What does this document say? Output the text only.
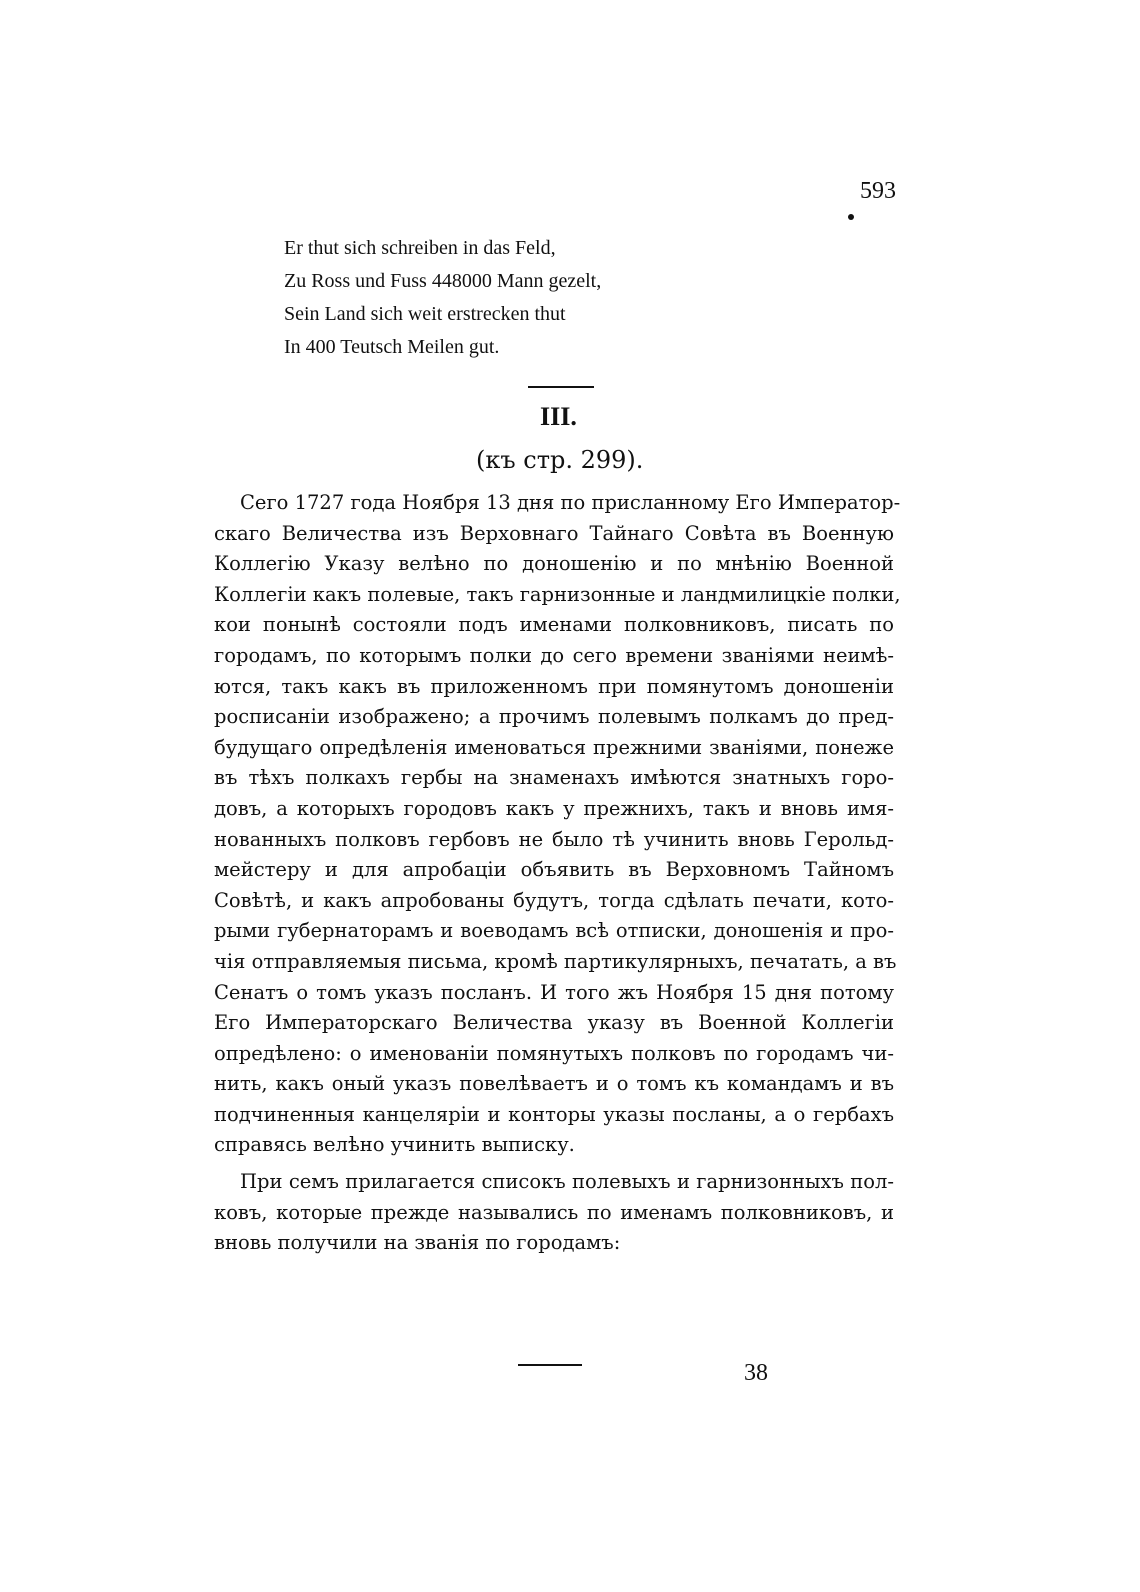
593
Er thut sich schreiben in das Feld,
Zu Ross und Fuss 448000 Mann gezelt,
Sein Land sich weit erstrecken thut
In 400 Teutsch Meilen gut.
III.
(къ стр. 299).
Сего 1727 года Ноября 13 дня по присланному Его Император-
скаго Величества изъ Верховнаго Тайнаго Совѣта въ Военную
Коллегію Указу велѣно по доношенію и по мнѣнію Военной
Коллегіи какъ полевые, такъ гарнизонные и ландмилицкіе полки,
кои понынѣ состояли подъ именами полковниковъ, писать по
городамъ, по которымъ полки до сего времени званіями неимѣ-
ются, такъ какъ въ приложенномъ при помянутомъ доношеніи
росписаніи изображено; а прочимъ полевымъ полкамъ до пред-
будущаго опредѣленія именоваться прежними званіями, понеже
въ тѣхъ полкахъ гербы на знаменахъ имѣются знатныхъ горо-
довъ, а которыхъ городовъ какъ у прежнихъ, такъ и вновь имя-
нованныхъ полковъ гербовъ не было тѣ учинить вновь Герольд-
мейстеру и для апробаціи объявить въ Верховномъ Тайномъ
Совѣтѣ, и какъ апробованы будутъ, тогда сдѣлать печати, кото-
рыми губернаторамъ и воеводамъ всѣ отписки, доношенія и про-
чія отправляемыя письма, кромѣ партикулярныхъ, печатать, а въ
Сенатъ о томъ указъ посланъ. И того жъ Ноября 15 дня потому
Его Императорскаго Величества указу въ Военной Коллегіи
опредѣлено: о именованіи помянутыхъ полковъ по городамъ чи-
нить, какъ оный указъ повелѣваетъ и о томъ къ командамъ и въ
подчиненныя канцеляріи и конторы указы посланы, а о гербахъ
справясь велѣно учинить выписку.
При семъ прилагается списокъ полевыхъ и гарнизонныхъ пол-
ковъ, которые прежде назывались по именамъ полковниковъ, и
вновь получили на званія по городамъ:
38
